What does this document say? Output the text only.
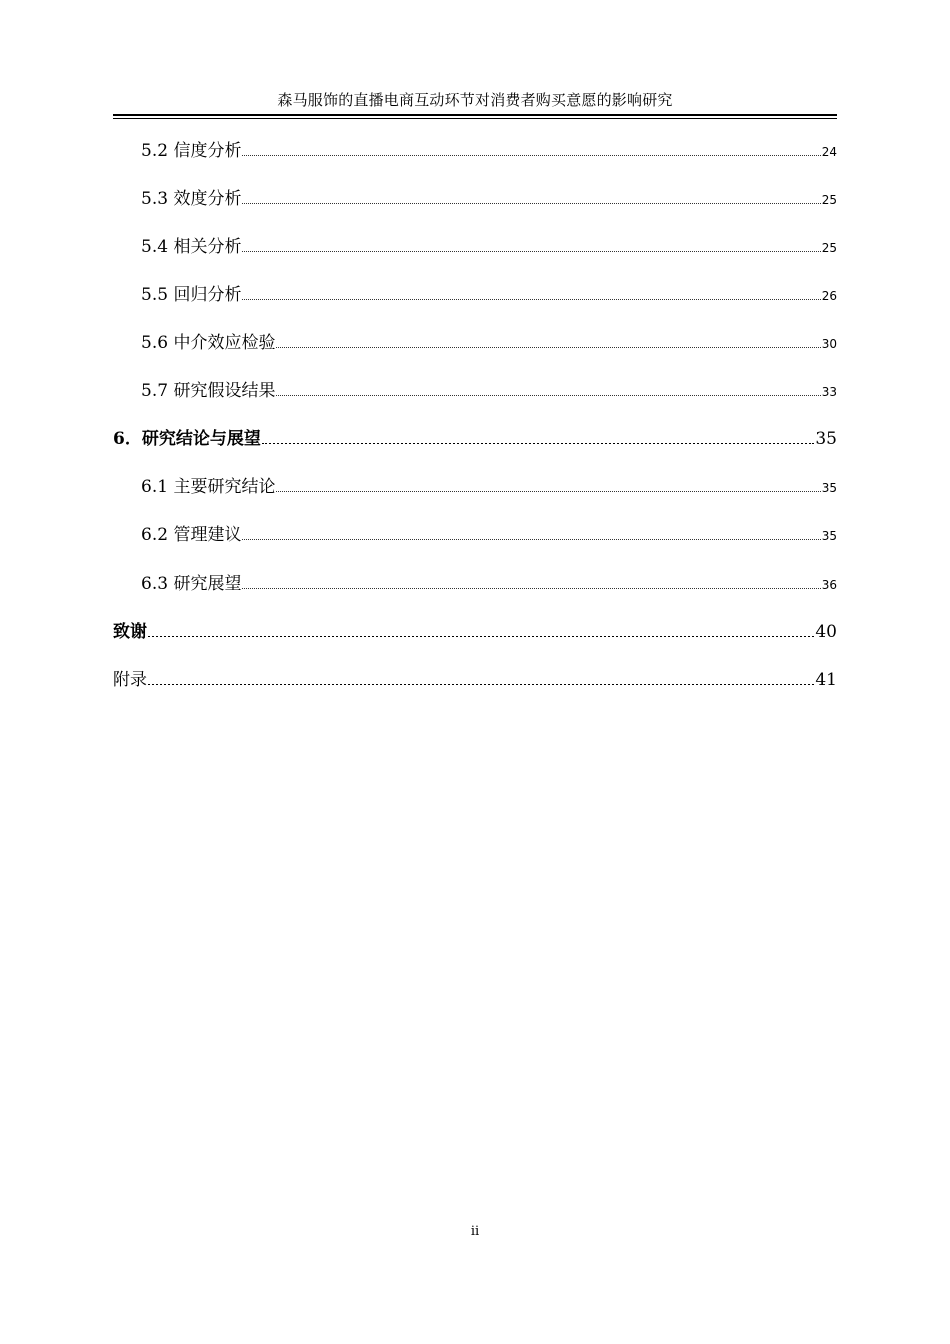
森马服饰的直播电商互动环节对消费者购买意愿的影响研究
5.2 信度分析	24
5.3 效度分析	25
5.4 相关分析	25
5.5 回归分析	26
5.6 中介效应检验	30
5.7 研究假设结果	33
6．研究结论与展望	35
6.1 主要研究结论	35
6.2 管理建议	35
6.3 研究展望	36
致谢	40
附录	41
ii
